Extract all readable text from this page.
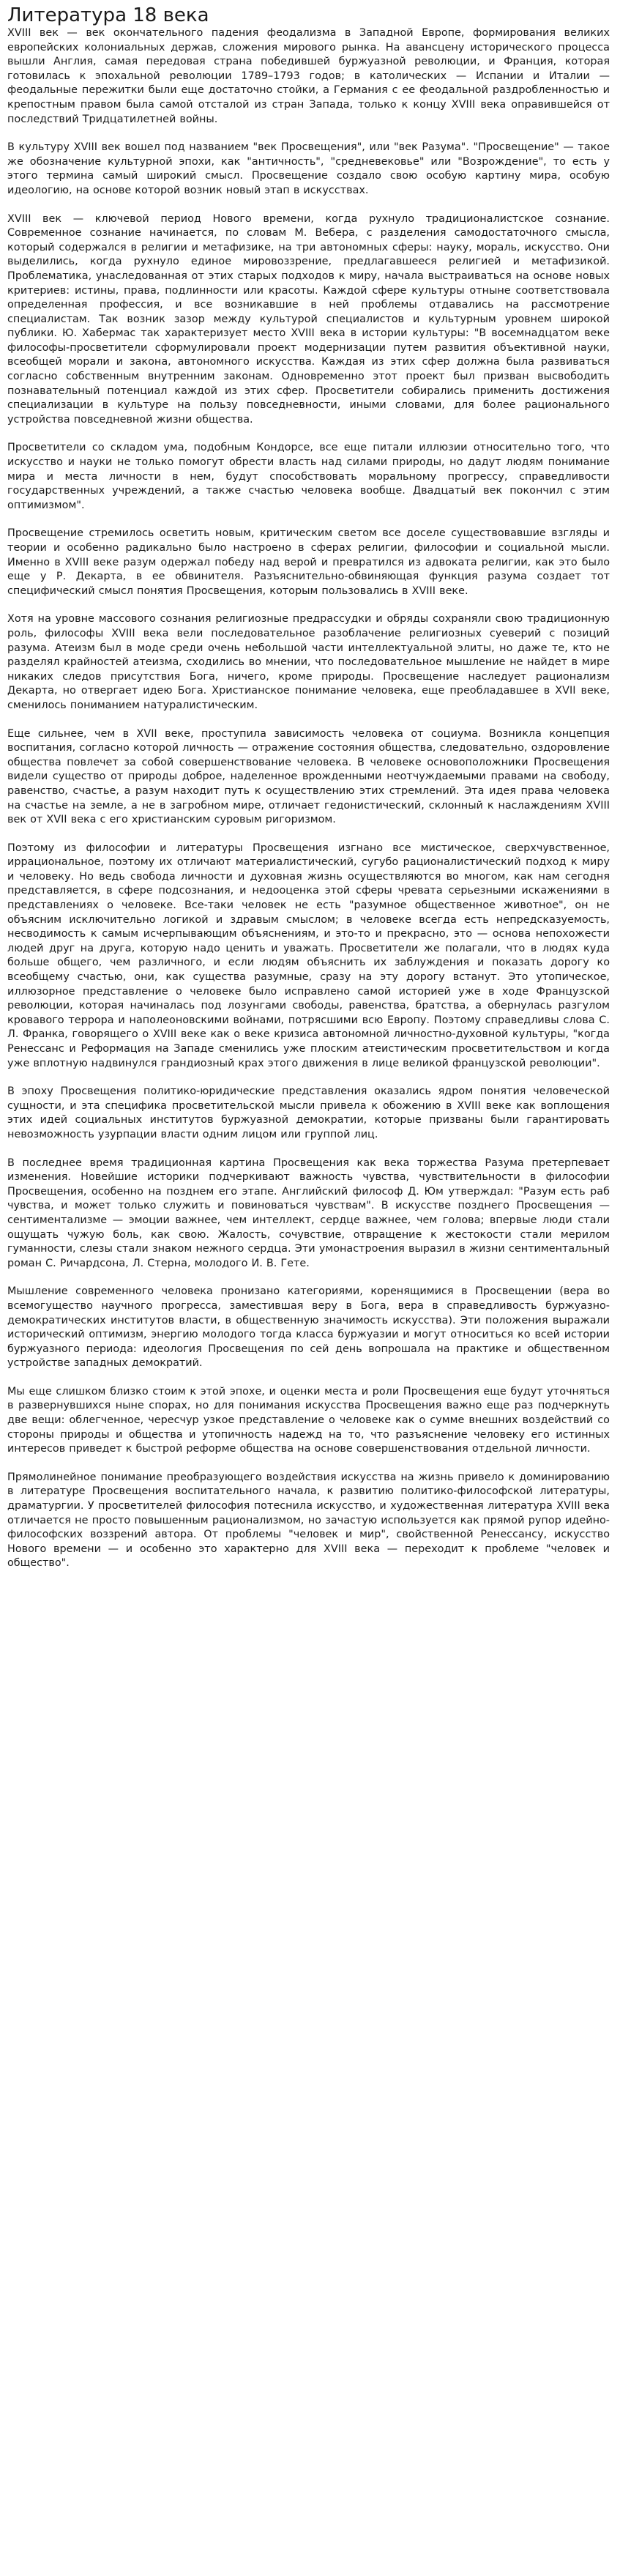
Литература 18 века

XVIII век — век окончательного падения феодализма в Западной Европе, формирования великих европейских колониальных держав, сложения мирового рынка. На авансцену исторического процесса вышли Англия, самая передовая страна победившей буржуазной революции, и Франция, которая готовилась к эпохальной революции 1789–1793 годов; в католических — Испании и Италии — феодальные пережитки были еще достаточно стойки, а Германия с ее феодальной раздробленностью и крепостным правом была самой отсталой из стран Запада, только к концу XVIII века оправившейся от последствий Тридцатилетней войны.

В культуру XVIII век вошел под названием "век Просвещения", или "век Разума". "Просвещение" — такое же обозначение культурной эпохи, как "античность", "средневековье" или "Возрождение", то есть у этого термина самый широкий смысл. Просвещение создало свою особую картину мира, особую идеологию, на основе которой возник новый этап в искусствах.

XVIII век — ключевой период Нового времени, когда рухнуло традиционалистское сознание. Современное сознание начинается, по словам М. Вебера, с разделения самодостаточного смысла, который содержался в религии и метафизике, на три автономных сферы: науку, мораль, искусство. Они выделились, когда рухнуло единое мировоззрение, предлагавшееся религией и метафизикой. Проблематика, унаследованная от этих старых подходов к миру, начала выстраиваться на основе новых критериев: истины, права, подлинности или красоты. Каждой сфере культуры отныне соответствовала определенная профессия, и все возникавшие в ней проблемы отдавались на рассмотрение специалистам. Так возник зазор между культурой специалистов и культурным уровнем широкой публики. Ю. Хабермас так характеризует место XVIII века в истории культуры: "В восемнадцатом веке философы-просветители сформулировали проект модернизации путем развития объективной науки, всеобщей морали и закона, автономного искусства. Каждая из этих сфер должна была развиваться согласно собственным внутренним законам. Одновременно этот проект был призван высвободить познавательный потенциал каждой из этих сфер. Просветители собирались применить достижения специализации в культуре на пользу повседневности, иными словами, для более рационального устройства повседневной жизни общества.

Просветители со складом ума, подобным Кондорсе, все еще питали иллюзии относительно того, что искусство и науки не только помогут обрести власть над силами природы, но дадут людям понимание мира и места личности в нем, будут способствовать моральному прогрессу, справедливости государственных учреждений, а также счастью человека вообще. Двадцатый век покончил с этим оптимизмом".

Просвещение стремилось осветить новым, критическим светом все доселе существовавшие взгляды и теории и особенно радикально было настроено в сферах религии, философии и социальной мысли. Именно в XVIII веке разум одержал победу над верой и превратился из адвоката религии, как это было еще у Р. Декарта, в ее обвинителя. Разъяснительно-обвиняющая функция разума создает тот специфический смысл понятия Просвещения, которым пользовались в XVIII веке.

Хотя на уровне массового сознания религиозные предрассудки и обряды сохраняли свою традиционную роль, философы XVIII века вели последовательное разоблачение религиозных суеверий с позиций разума. Атеизм был в моде среди очень небольшой части интеллектуальной элиты, но даже те, кто не разделял крайностей атеизма, сходились во мнении, что последовательное мышление не найдет в мире никаких следов присутствия Бога, ничего, кроме природы. Просвещение наследует рационализм Декарта, но отвергает идею Бога. Христианское понимание человека, еще преобладавшее в XVII веке, сменилось пониманием натуралистическим.

Еще сильнее, чем в XVII веке, проступила зависимость человека от социума. Возникла концепция воспитания, согласно которой личность — отражение состояния общества, следовательно, оздоровление общества повлечет за собой совершенствование человека. В человеке основоположники Просвещения видели существо от природы доброе, наделенное врожденными неотчуждаемыми правами на свободу, равенство, счастье, а разум находит путь к осуществлению этих стремлений. Эта идея права человека на счастье на земле, а не в загробном мире, отличает гедонистический, склонный к наслаждениям XVIII век от XVII века с его христианским суровым ригоризмом.

Поэтому из философии и литературы Просвещения изгнано все мистическое, сверхчувственное, иррациональное, поэтому их отличают материалистический, сугубо рационалистический подход к миру и человеку. Но ведь свобода личности и духовная жизнь осуществляются во многом, как нам сегодня представляется, в сфере подсознания, и недооценка этой сферы чревата серьезными искажениями в представлениях о человеке. Все-таки человек не есть "разумное общественное животное", он не объясним исключительно логикой и здравым смыслом; в человеке всегда есть непредсказуемость, несводимость к самым исчерпывающим объяснениям, и это-то и прекрасно, это — основа непохожести людей друг на друга, которую надо ценить и уважать. Просветители же полагали, что в людях куда больше общего, чем различного, и если людям объяснить их заблуждения и показать дорогу ко всеобщему счастью, они, как существа разумные, сразу на эту дорогу встанут. Это утопическое, иллюзорное представление о человеке было исправлено самой историей уже в ходе Французской революции, которая начиналась под лозунгами свободы, равенства, братства, а обернулась разгулом кровавого террора и наполеоновскими войнами, потрясшими всю Европу. Поэтому справедливы слова С. Л. Франка, говорящего о XVIII веке как о веке кризиса автономной личностно-духовной культуры, "когда Ренессанс и Реформация на Западе сменились уже плоским атеистическим просветительством и когда уже вплотную надвинулся грандиозный крах этого движения в лице великой французской революции".

В эпоху Просвещения политико-юридические представления оказались ядром понятия человеческой сущности, и эта специфика просветительской мысли привела к обожению в XVIII веке как воплощения этих идей социальных институтов буржуазной демократии, которые призваны были гарантировать невозможность узурпации власти одним лицом или группой лиц.

В последнее время традиционная картина Просвещения как века торжества Разума претерпевает изменения. Новейшие историки подчеркивают важность чувства, чувствительности в философии Просвещения, особенно на позднем его этапе. Английский философ Д. Юм утверждал: "Разум есть раб чувства, и может только служить и повиноваться чувствам". В искусстве позднего Просвещения — сентиментализме — эмоции важнее, чем интеллект, сердце важнее, чем голова; впервые люди стали ощущать чужую боль, как свою. Жалость, сочувствие, отвращение к жестокости стали мерилом гуманности, слезы стали знаком нежного сердца. Эти умонастроения выразил в жизни сентиментальный роман С. Ричардсона, Л. Стерна, молодого И. В. Гете.

Мышление современного человека пронизано категориями, коренящимися в Просвещении (вера во всемогущество научного прогресса, заместившая веру в Бога, вера в справедливость буржуазно-демократических институтов власти, в общественную значимость искусства). Эти положения выражали исторический оптимизм, энергию молодого тогда класса буржуазии и могут относиться ко всей истории буржуазного периода: идеология Просвещения по сей день вопрошала на практике и общественном устройстве западных демократий.

Мы еще слишком близко стоим к этой эпохе, и оценки места и роли Просвещения еще будут уточняться в развернувшихся ныне спорах, но для понимания искусства Просвещения важно еще раз подчеркнуть две вещи: облегченное, чересчур узкое представление о человеке как о сумме внешних воздействий со стороны природы и общества и утопичность надежд на то, что разъяснение человеку его истинных интересов приведет к быстрой реформе общества на основе совершенствования отдельной личности.

Прямолинейное понимание преобразующего воздействия искусства на жизнь привело к доминированию в литературе Просвещения воспитательного начала, к развитию политико-философской литературы, драматургии. У просветителей философия потеснила искусство, и художественная литература XVIII века отличается не просто повышенным рационализмом, но зачастую используется как прямой рупор идейно-философских воззрений автора. От проблемы "человек и мир", свойственной Ренессансу, искусство Нового времени — и особенно это характерно для XVIII века — переходит к проблеме "человек и общество".
